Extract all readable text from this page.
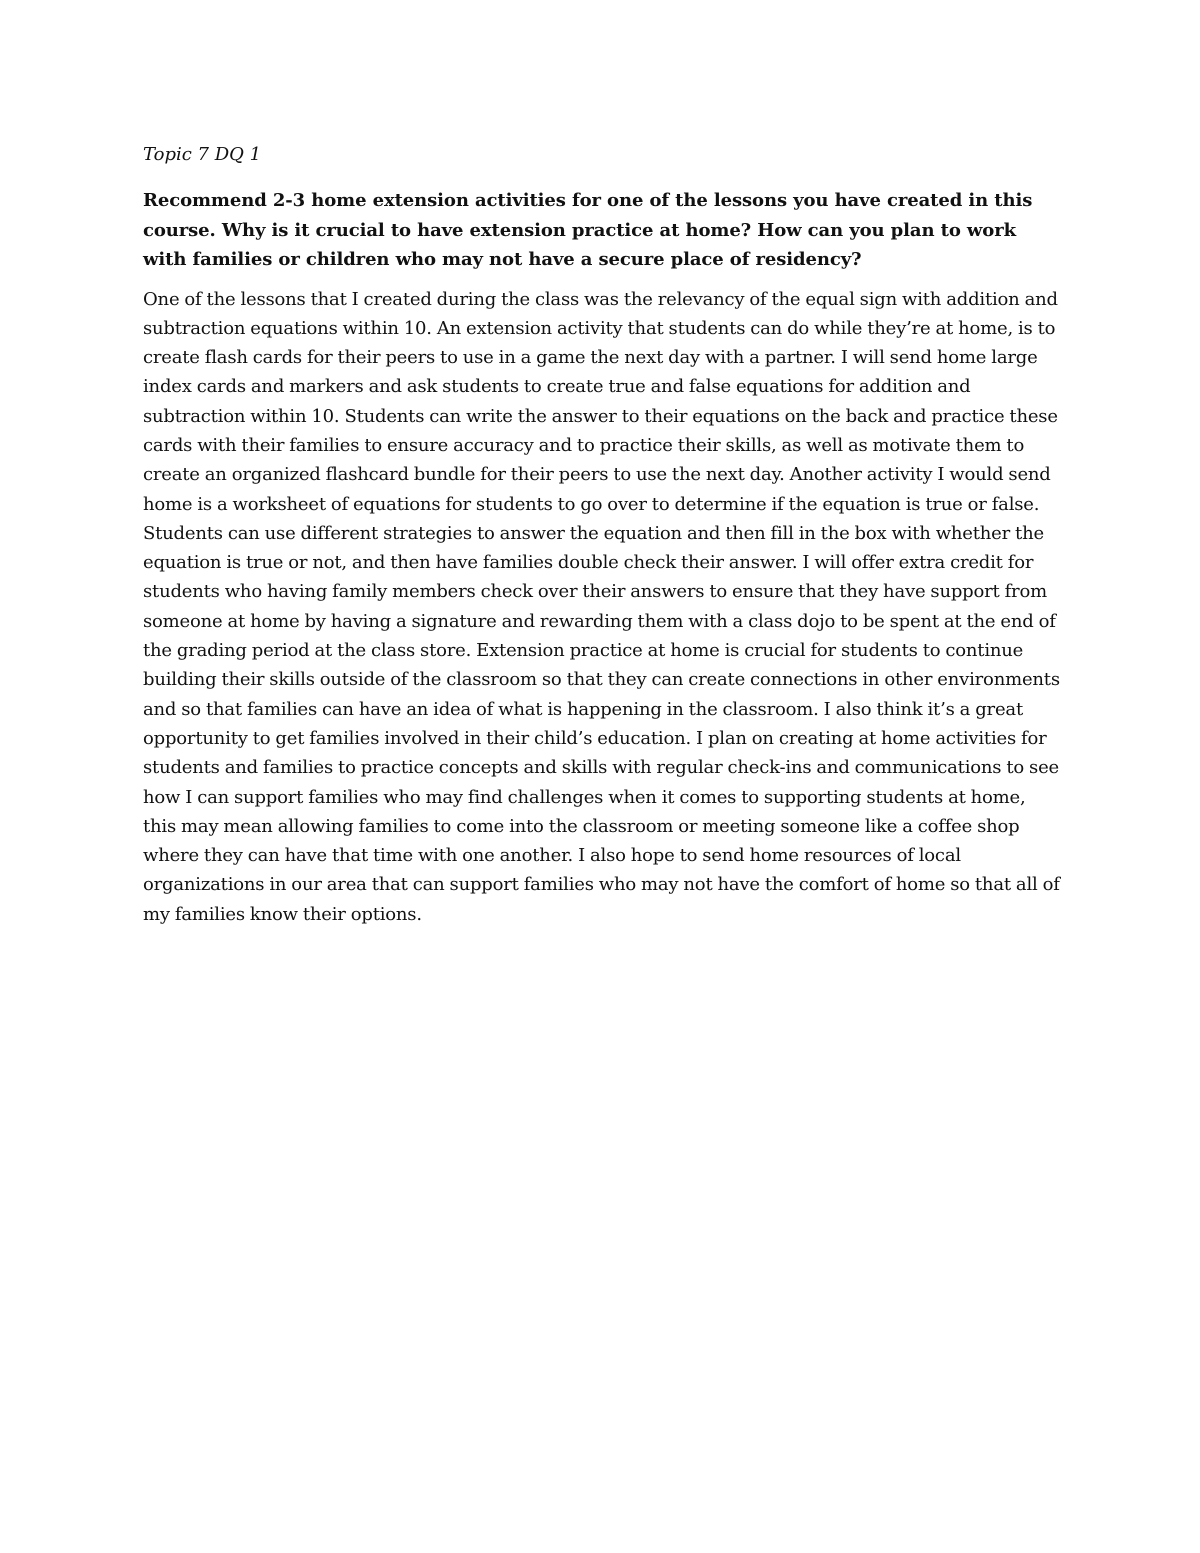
Topic 7 DQ 1

Recommend 2-3 home extension activities for one of the lessons you have created in this course. Why is it crucial to have extension practice at home? How can you plan to work with families or children who may not have a secure place of residency?

One of the lessons that I created during the class was the relevancy of the equal sign with addition and subtraction equations within 10. An extension activity that students can do while they’re at home, is to create flash cards for their peers to use in a game the next day with a partner. I will send home large index cards and markers and ask students to create true and false equations for addition and subtraction within 10. Students can write the answer to their equations on the back and practice these cards with their families to ensure accuracy and to practice their skills, as well as motivate them to create an organized flashcard bundle for their peers to use the next day. Another activity I would send home is a worksheet of equations for students to go over to determine if the equation is true or false. Students can use different strategies to answer the equation and then fill in the box with whether the equation is true or not, and then have families double check their answer. I will offer extra credit for students who having family members check over their answers to ensure that they have support from someone at home by having a signature and rewarding them with a class dojo to be spent at the end of the grading period at the class store. Extension practice at home is crucial for students to continue building their skills outside of the classroom so that they can create connections in other environments and so that families can have an idea of what is happening in the classroom. I also think it’s a great opportunity to get families involved in their child’s education. I plan on creating at home activities for students and families to practice concepts and skills with regular check-ins and communications to see how I can support families who may find challenges when it comes to supporting students at home, this may mean allowing families to come into the classroom or meeting someone like a coffee shop where they can have that time with one another. I also hope to send home resources of local organizations in our area that can support families who may not have the comfort of home so that all of my families know their options.
